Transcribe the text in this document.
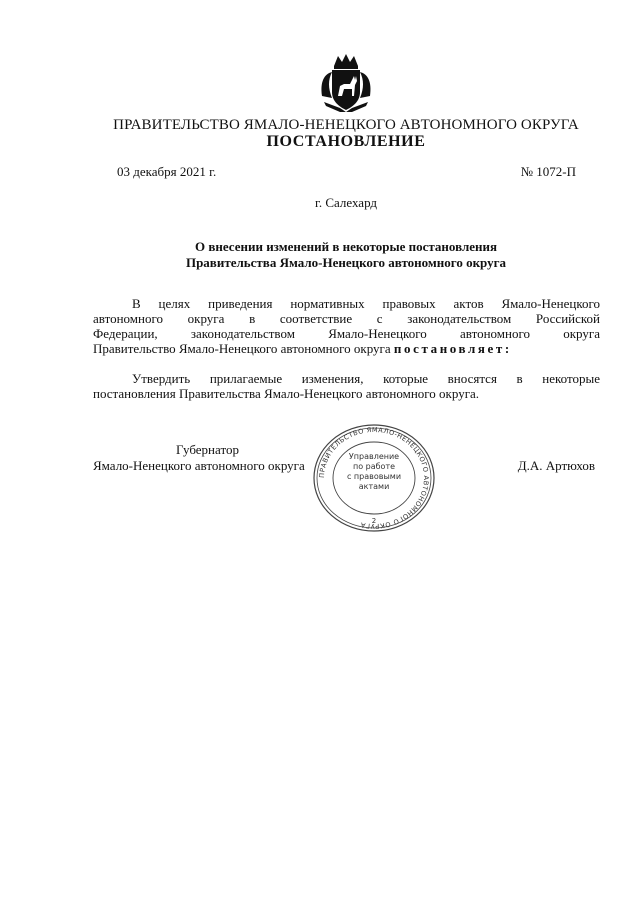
ПРАВИТЕЛЬСТВО ЯМАЛО-НЕНЕЦКОГО АВТОНОМНОГО ОКРУГА
ПОСТАНОВЛЕНИЕ
03 декабря 2021 г.	№ 1072-П
г. Салехард
О внесении изменений в некоторые постановления
Правительства Ямало-Ненецкого автономного округа
В целях приведения нормативных правовых актов Ямало-Ненецкого
автономного округа в соответствие с законодательством Российской
Федерации, законодательством Ямало-Ненецкого автономного округа
Правительство Ямало-Ненецкого автономного округа постановляет:
Утвердить прилагаемые изменения, которые вносятся в некоторые
постановления Правительства Ямало-Ненецкого автономного округа.
Губернатор
Ямало-Ненецкого автономного округа	Д.А. Артюхов
ПРАВИТЕЛЬСТВО ЯМАЛО-НЕНЕЦКОГО АВТОНОМНОГО ОКРУГА 2
Управление
по работе
с правовыми
актами
